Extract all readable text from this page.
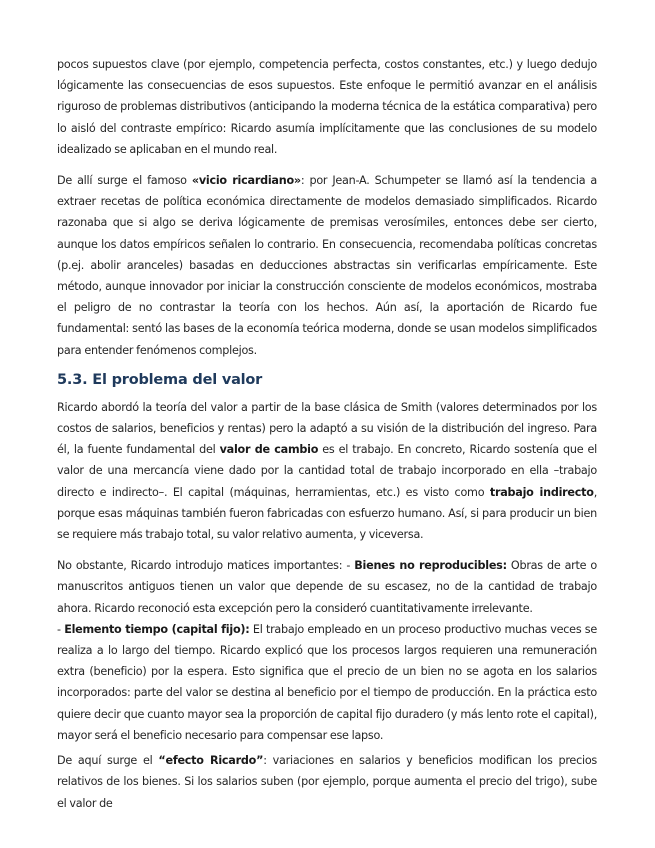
pocos supuestos clave (por ejemplo, competencia perfecta, costos constantes, etc.) y luego dedujo lógicamente las consecuencias de esos supuestos. Este enfoque le permitió avanzar en el análisis riguroso de problemas distributivos (anticipando la moderna técnica de la estática comparativa) pero lo aisló del contraste empírico: Ricardo asumía implícitamente que las conclusiones de su modelo idealizado se aplicaban en el mundo real.

De allí surge el famoso «vicio ricardiano»: por Jean-A. Schumpeter se llamó así la tendencia a extraer recetas de política económica directamente de modelos demasiado simplificados. Ricardo razonaba que si algo se deriva lógicamente de premisas verosímiles, entonces debe ser cierto, aunque los datos empíricos señalen lo contrario. En consecuencia, recomendaba políticas concretas (p.ej. abolir aranceles) basadas en deducciones abstractas sin verificarlas empíricamente. Este método, aunque innovador por iniciar la construcción consciente de modelos económicos, mostraba el peligro de no contrastar la teoría con los hechos. Aún así, la aportación de Ricardo fue fundamental: sentó las bases de la economía teórica moderna, donde se usan modelos simplificados para entender fenómenos complejos.

5.3. El problema del valor

Ricardo abordó la teoría del valor a partir de la base clásica de Smith (valores determinados por los costos de salarios, beneficios y rentas) pero la adaptó a su visión de la distribución del ingreso. Para él, la fuente fundamental del valor de cambio es el trabajo. En concreto, Ricardo sostenía que el valor de una mercancía viene dado por la cantidad total de trabajo incorporado en ella –trabajo directo e indirecto–. El capital (máquinas, herramientas, etc.) es visto como trabajo indirecto, porque esas máquinas también fueron fabricadas con esfuerzo humano. Así, si para producir un bien se requiere más trabajo total, su valor relativo aumenta, y viceversa.

No obstante, Ricardo introdujo matices importantes: - Bienes no reproducibles: Obras de arte o manuscritos antiguos tienen un valor que depende de su escasez, no de la cantidad de trabajo ahora. Ricardo reconoció esta excepción pero la consideró cuantitativamente irrelevante.
- Elemento tiempo (capital fijo): El trabajo empleado en un proceso productivo muchas veces se realiza a lo largo del tiempo. Ricardo explicó que los procesos largos requieren una remuneración extra (beneficio) por la espera. Esto significa que el precio de un bien no se agota en los salarios incorporados: parte del valor se destina al beneficio por el tiempo de producción. En la práctica esto quiere decir que cuanto mayor sea la proporción de capital fijo duradero (y más lento rote el capital), mayor será el beneficio necesario para compensar ese lapso.

De aquí surge el “efecto Ricardo”: variaciones en salarios y beneficios modifican los precios relativos de los bienes. Si los salarios suben (por ejemplo, porque aumenta el precio del trigo), sube el valor de
